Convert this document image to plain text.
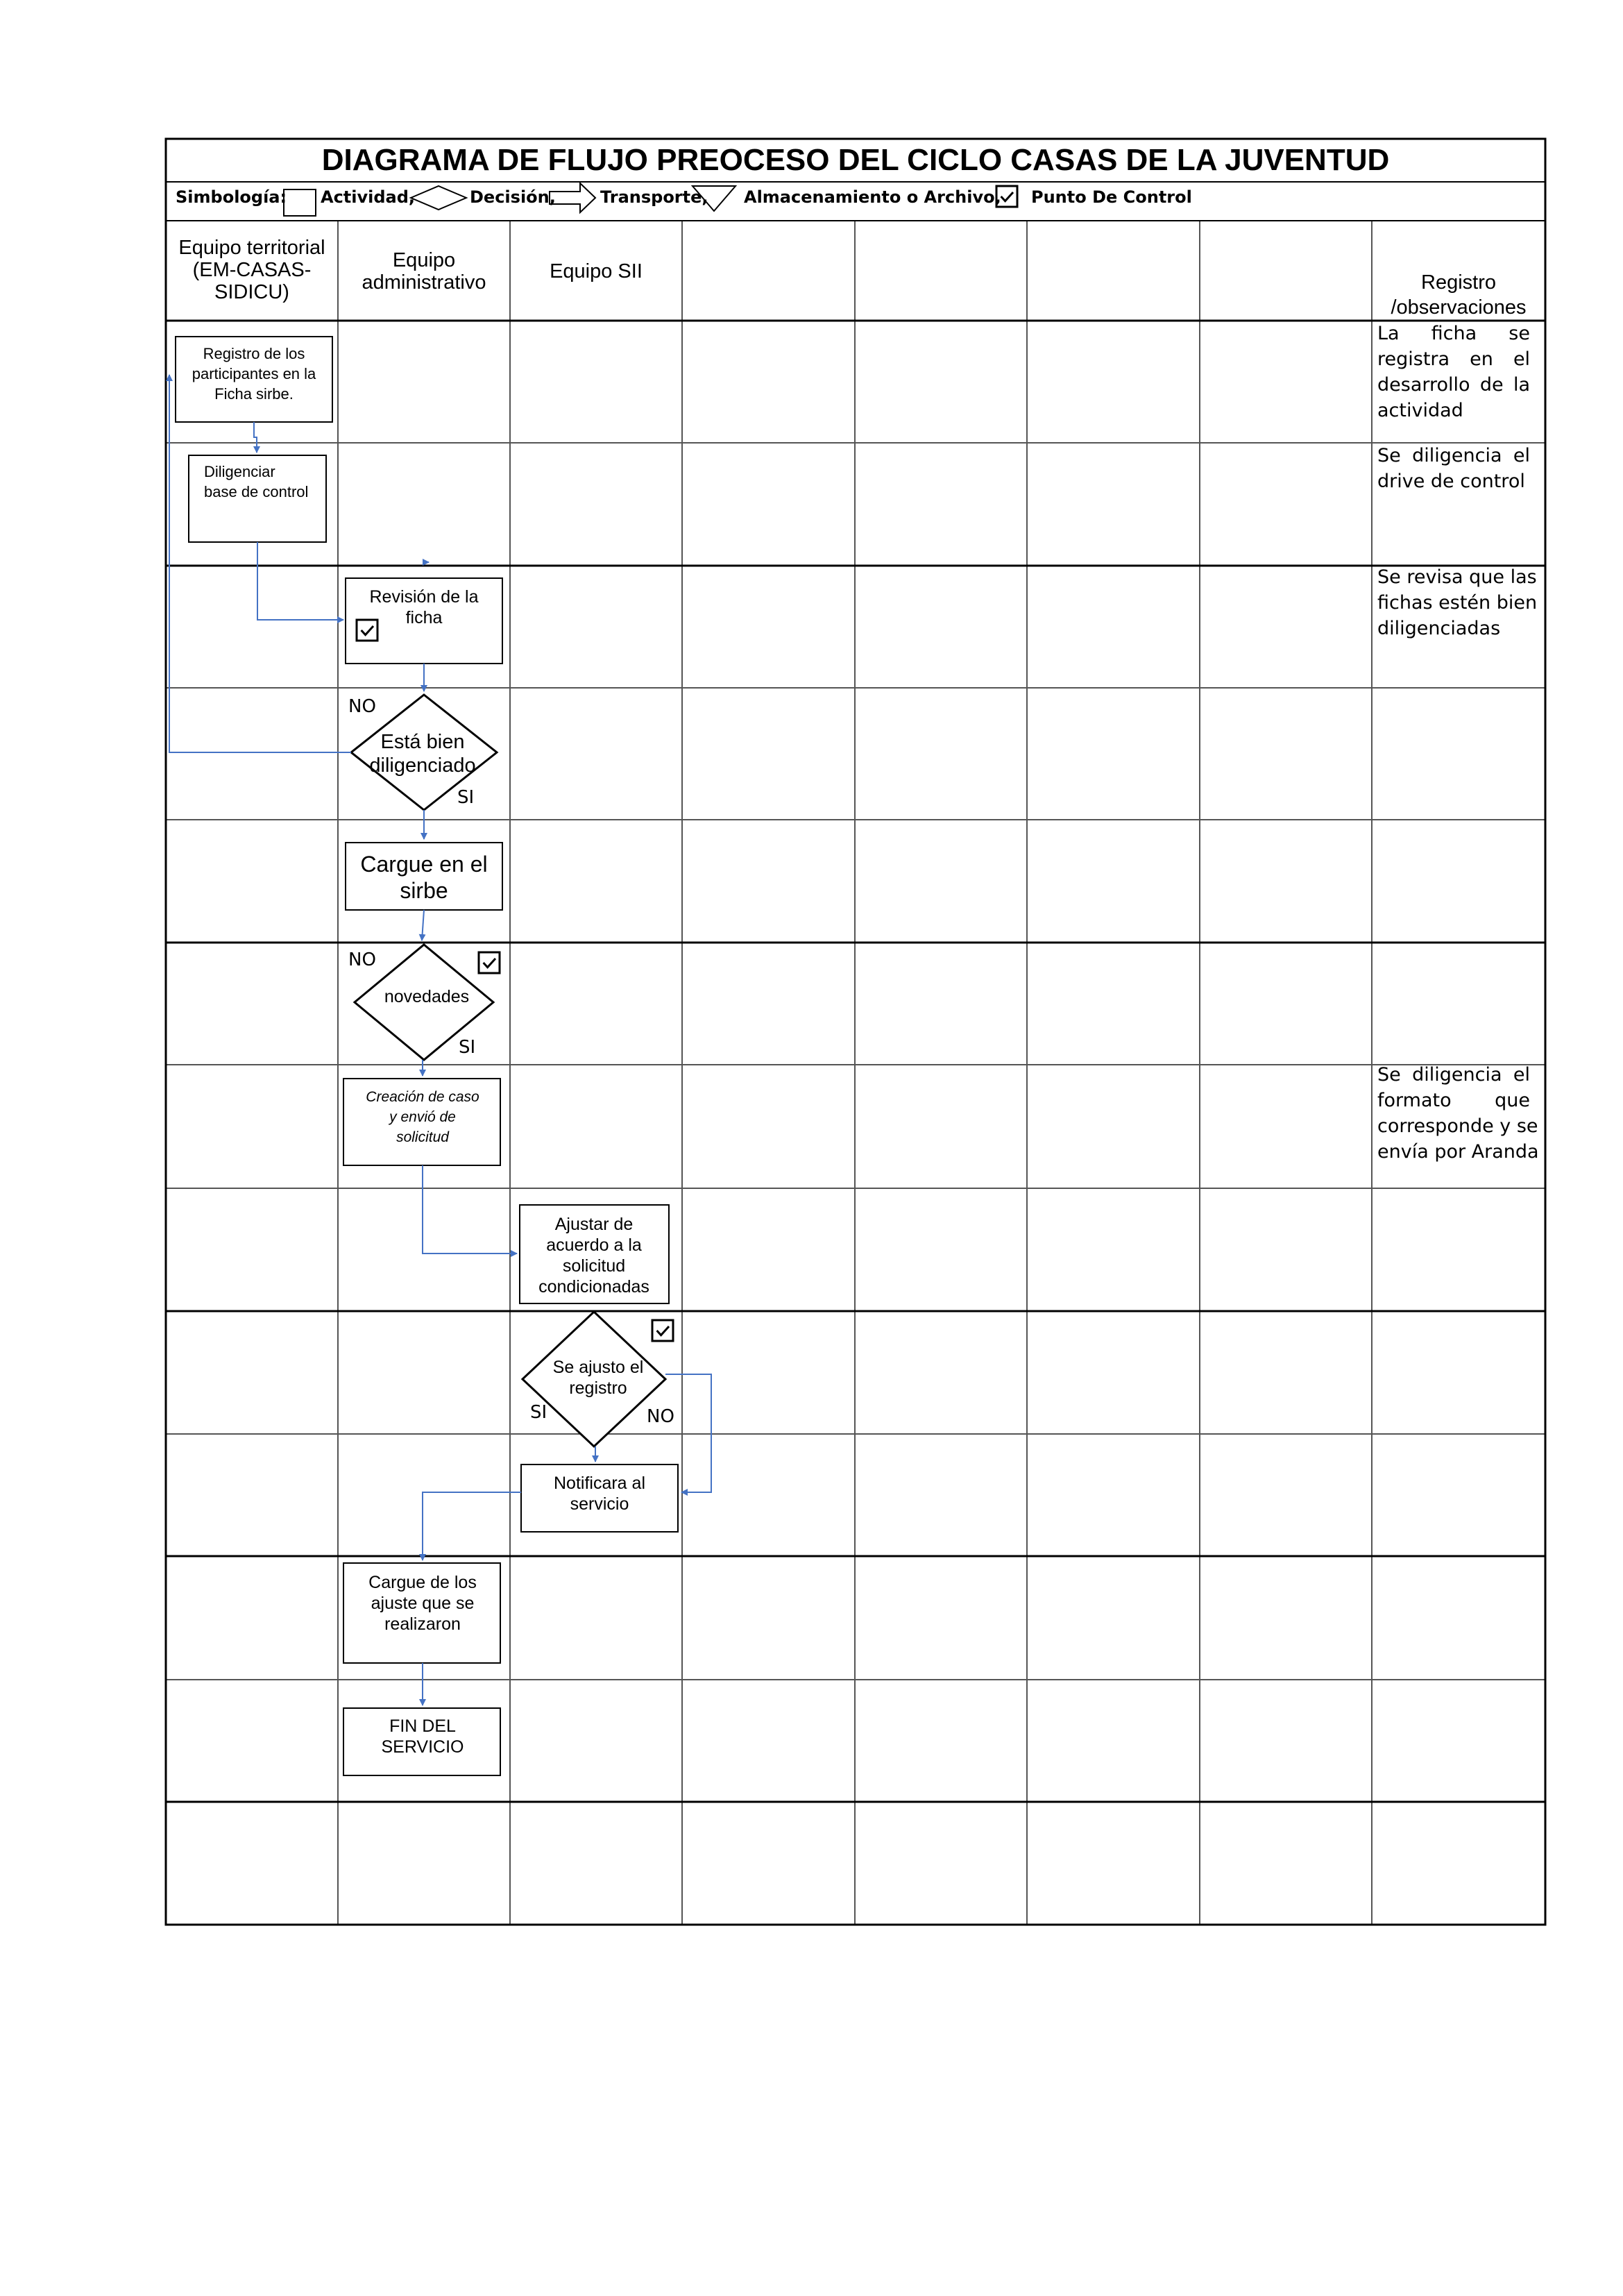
DIAGRAMA DE FLUJO PREOCESO DEL CICLO CASAS DE LA JUVENTUD
Simbología: Actividad,	Decisión,	Transporte, Almacenamiento o Archivo, Punto De Control
Equipo territorial (EM-CASAS-SIDICU)
Equipo administrativo	Equipo SII	Registro /observaciones
Registro de los participantes en la Ficha sirbe.
Diligenciar base de control
Revisión de la ficha
Cargue en el sirbe
Creación de caso y envió de solicitud
Ajustar de acuerdo a la solicitud condicionadas
Notificara al servicio
Cargue de los ajuste que se realizaron
FIN DEL SERVICIO
Está bien diligenciado
novedades
Se ajusto el registro
NO
SI
NO
SI
SI	NO
La ficha se
registra en el
desarrollo de la
actividad
Se diligencia el
drive de control
Se revisa que las
fichas estén bien
diligenciadas
Se diligencia el
formato que
corresponde y se
envía por Aranda
